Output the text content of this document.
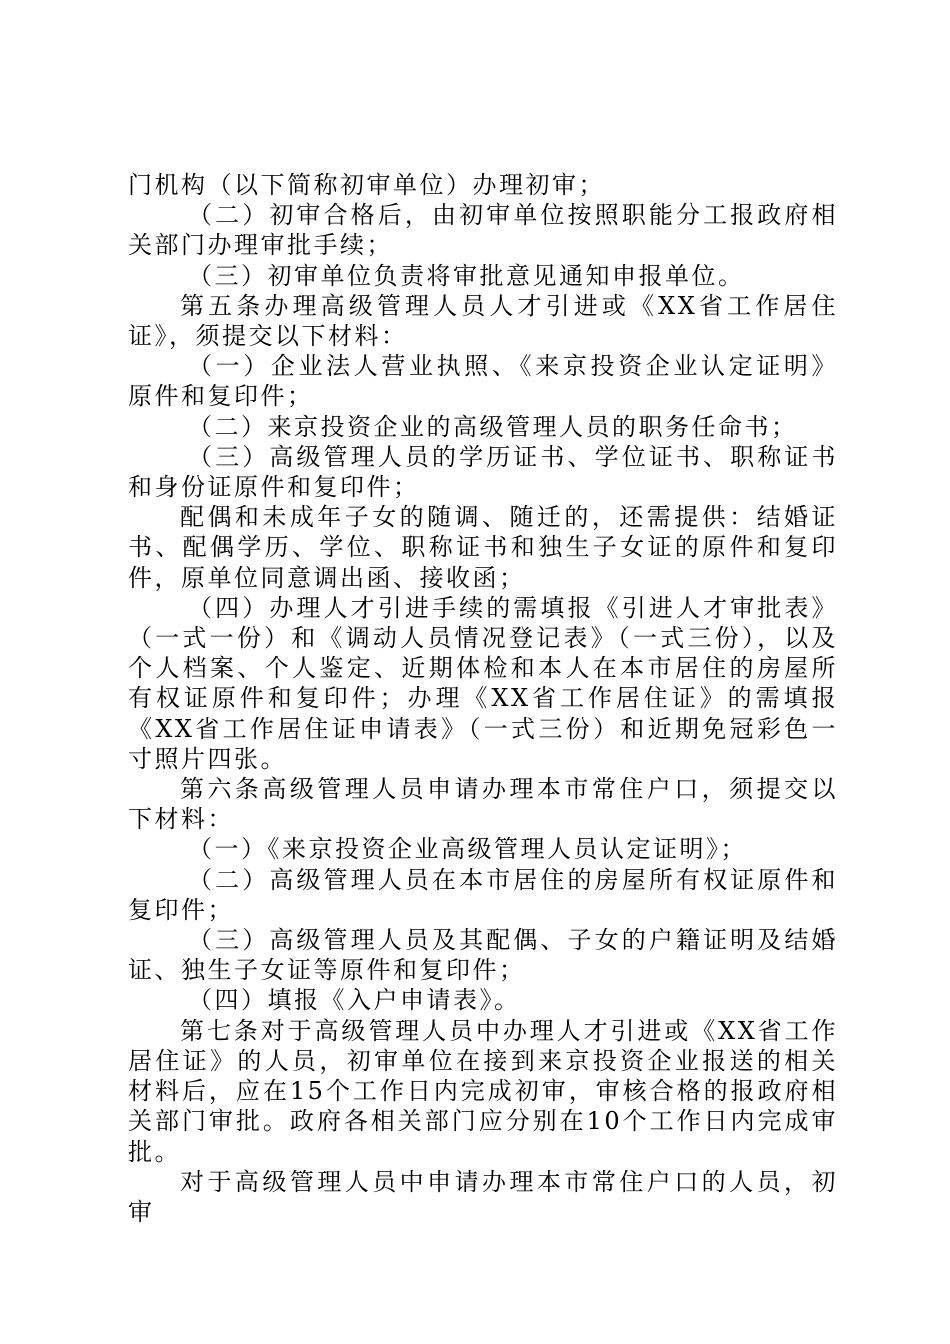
门机构（以下简称初审单位）办理初审；

（二）初审合格后，由初审单位按照职能分工报政府相关部门办理审批手续；

（三）初审单位负责将审批意见通知申报单位。

第五条办理高级管理人员人才引进或《XX省工作居住证》，须提交以下材料：

（一）企业法人营业执照、《来京投资企业认定证明》原件和复印件；

（二）来京投资企业的高级管理人员的职务任命书；

（三）高级管理人员的学历证书、学位证书、职称证书和身份证原件和复印件；

配偶和未成年子女的随调、随迁的，还需提供：结婚证书、配偶学历、学位、职称证书和独生子女证的原件和复印件，原单位同意调出函、接收函；

（四）办理人才引进手续的需填报《引进人才审批表》（一式一份）和《调动人员情况登记表》（一式三份），以及个人档案、个人鉴定、近期体检和本人在本市居住的房屋所有权证原件和复印件；办理《XX省工作居住证》的需填报《XX省工作居住证申请表》（一式三份）和近期免冠彩色一寸照片四张。

第六条高级管理人员申请办理本市常住户口，须提交以下材料：

（一）《来京投资企业高级管理人员认定证明》；

（二）高级管理人员在本市居住的房屋所有权证原件和复印件；

（三）高级管理人员及其配偶、子女的户籍证明及结婚证、独生子女证等原件和复印件；

（四）填报《入户申请表》。

第七条对于高级管理人员中办理人才引进或《XX省工作居住证》的人员，初审单位在接到来京投资企业报送的相关材料后，应在15个工作日内完成初审，审核合格的报政府相关部门审批。政府各相关部门应分别在10个工作日内完成审批。

对于高级管理人员中申请办理本市常住户口的人员，初审
